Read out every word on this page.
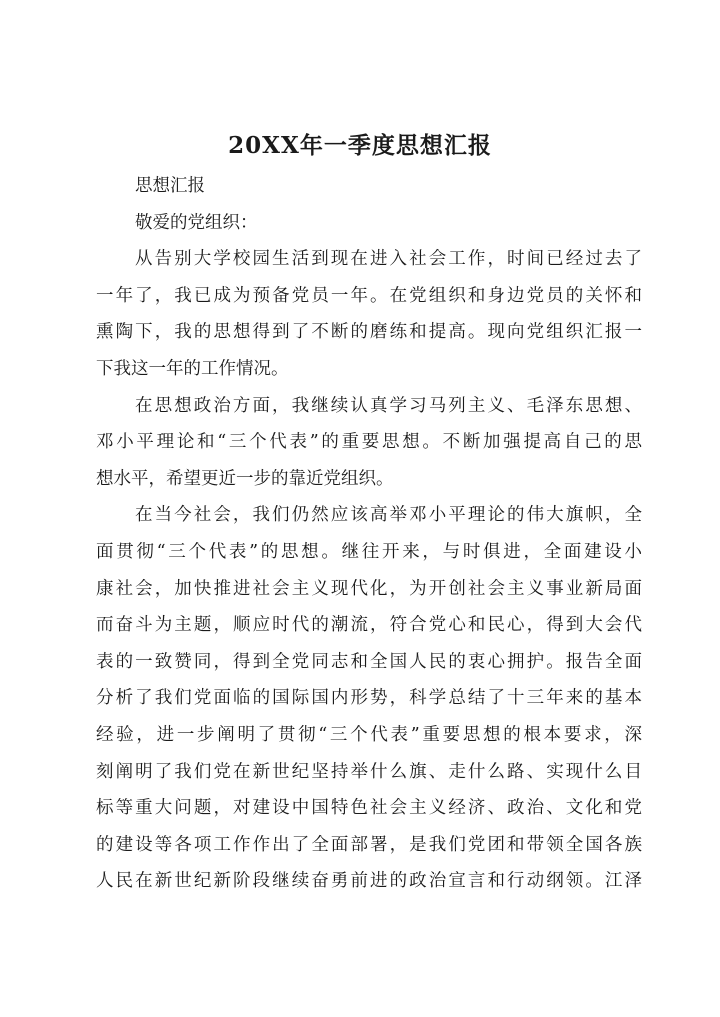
20XX年一季度思想汇报
思想汇报
敬爱的党组织：
从告别大学校园生活到现在进入社会工作，时间已经过去了
一年了，我已成为预备党员一年。在党组织和身边党员的关怀和
熏陶下，我的思想得到了不断的磨练和提高。现向党组织汇报一
下我这一年的工作情况。
在思想政治方面，我继续认真学习马列主义、毛泽东思想、
邓小平理论和“三个代表”的重要思想。不断加强提高自己的思
想水平，希望更近一步的靠近党组织。
在当今社会，我们仍然应该高举邓小平理论的伟大旗帜，全
面贯彻“三个代表”的思想。继往开来，与时俱进，全面建设小
康社会，加快推进社会主义现代化，为开创社会主义事业新局面
而奋斗为主题，顺应时代的潮流，符合党心和民心，得到大会代
表的一致赞同，得到全党同志和全国人民的衷心拥护。报告全面
分析了我们党面临的国际国内形势，科学总结了十三年来的基本
经验，进一步阐明了贯彻“三个代表”重要思想的根本要求，深
刻阐明了我们党在新世纪坚持举什么旗、走什么路、实现什么目
标等重大问题，对建设中国特色社会主义经济、政治、文化和党
的建设等各项工作作出了全面部署，是我们党团和带领全国各族
人民在新世纪新阶段继续奋勇前进的政治宣言和行动纲领。江泽
